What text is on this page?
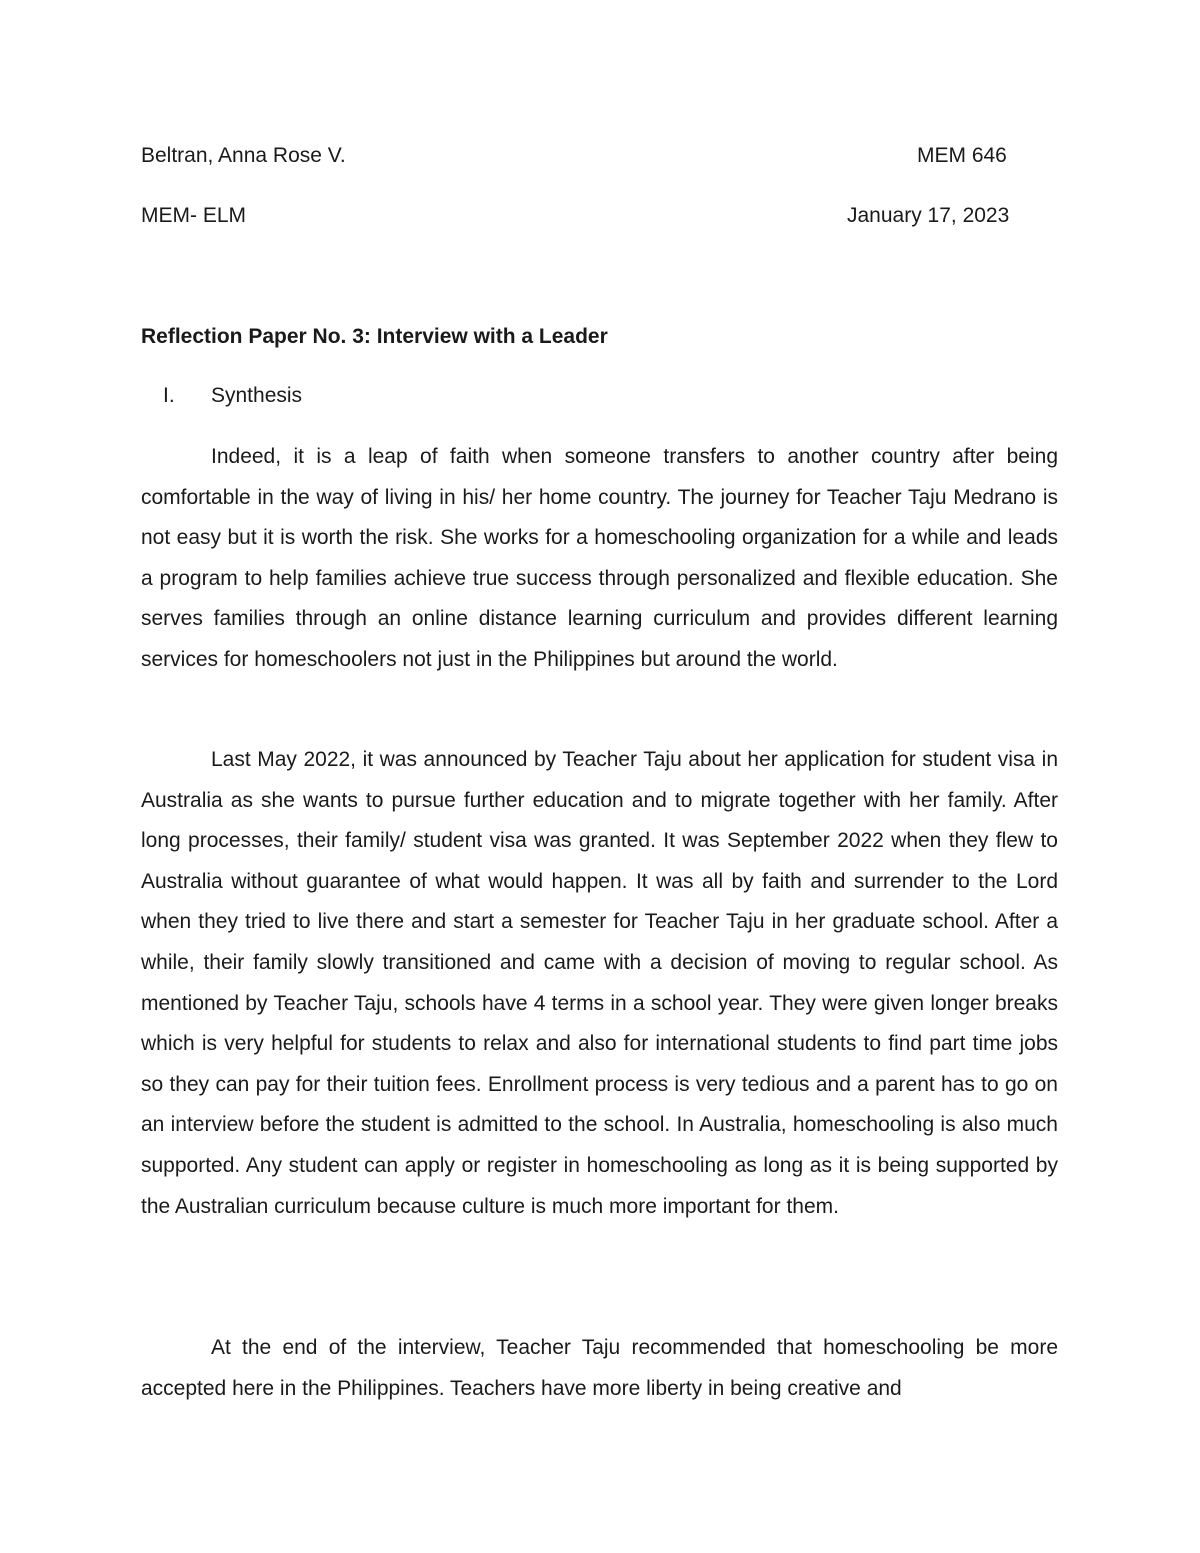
Beltran, Anna Rose V.	MEM 646
MEM- ELM	January 17, 2023
Reflection Paper No. 3: Interview with a Leader
I. Synthesis

Indeed, it is a leap of faith when someone transfers to another country after being comfortable in the way of living in his/ her home country. The journey for Teacher Taju Medrano is not easy but it is worth the risk. She works for a homeschooling organization for a while and leads a program to help families achieve true success through personalized and flexible education. She serves families through an online distance learning curriculum and provides different learning services for homeschoolers not just in the Philippines but around the world.

Last May 2022, it was announced by Teacher Taju about her application for student visa in Australia as she wants to pursue further education and to migrate together with her family. After long processes, their family/ student visa was granted. It was September 2022 when they flew to Australia without guarantee of what would happen. It was all by faith and surrender to the Lord when they tried to live there and start a semester for Teacher Taju in her graduate school. After a while, their family slowly transitioned and came with a decision of moving to regular school. As mentioned by Teacher Taju, schools have 4 terms in a school year. They were given longer breaks which is very helpful for students to relax and also for international students to find part time jobs so they can pay for their tuition fees. Enrollment process is very tedious and a parent has to go on an interview before the student is admitted to the school. In Australia, homeschooling is also much supported. Any student can apply or register in homeschooling as long as it is being supported by the Australian curriculum because culture is much more important for them.

At the end of the interview, Teacher Taju recommended that homeschooling be more accepted here in the Philippines. Teachers have more liberty in being creative and
